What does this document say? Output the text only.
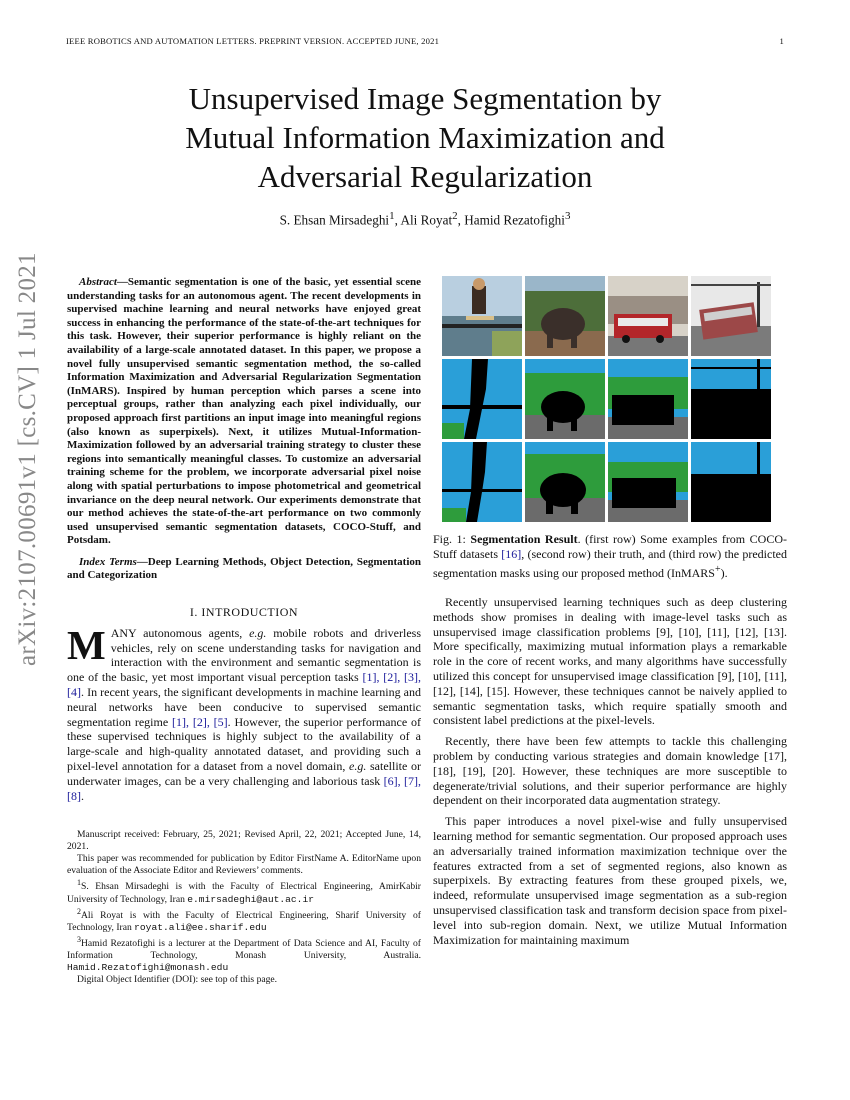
IEEE ROBOTICS AND AUTOMATION LETTERS. PREPRINT VERSION. ACCEPTED JUNE, 2021	1
arXiv:2107.00691v1 [cs.CV] 1 Jul 2021
Unsupervised Image Segmentation by
Mutual Information Maximization and
Adversarial Regularization
S. Ehsan Mirsadeghi$^1$, Ali Royat$^2$, Hamid Rezatofighi$^3$
Abstract—Semantic segmentation is one of the basic, yet essential scene understanding tasks for an autonomous agent. The recent developments in supervised machine learning and neural networks have enjoyed great success in enhancing the performance of the state-of-the-art techniques for this task. However, their superior performance is highly reliant on the availability of a large-scale annotated dataset. In this paper, we propose a novel fully unsupervised semantic segmentation method, the so-called Information Maximization and Adversarial Regularization Segmentation (InMARS). Inspired by human perception which parses a scene into perceptual groups, rather than analyzing each pixel individually, our proposed approach first partitions an input image into meaningful regions (also known as superpixels). Next, it utilizes Mutual-Information-Maximization followed by an adversarial training strategy to cluster these regions into semantically meaningful classes. To customize an adversarial training scheme for the problem, we incorporate adversarial pixel noise along with spatial perturbations to impose photometrical and geometrical invariance on the deep neural network. Our experiments demonstrate that our method achieves the state-of-the-art performance on two commonly used unsupervised semantic segmentation datasets, COCO-Stuff, and Potsdam.
Index Terms—Deep Learning Methods, Object Detection, Segmentation and Categorization
I. INTRODUCTION

MANY autonomous agents, e.g. mobile robots and driverless vehicles, rely on scene understanding tasks for navigation and interaction with the environment and semantic segmentation is one of the basic, yet most important visual perception tasks [1], [2], [3], [4]. In recent years, the significant developments in machine learning and neural networks have been conducive to supervised semantic segmentation regime [1], [2], [5]. However, the superior performance of these supervised techniques is highly subject to the availability of a large-scale and high-quality annotated dataset, and providing such a pixel-level annotation for a dataset from a novel domain, e.g. satellite or underwater images, can be a very challenging and laborious task [6], [7], [8].

Manuscript received: February, 25, 2021; Revised April, 22, 2021; Accepted June, 14, 2021.

This paper was recommended for publication by Editor FirstName A. EditorName upon evaluation of the Associate Editor and Reviewers’ comments.

$^1$S. Ehsan Mirsadeghi is with the Faculty of Electrical Engineering, AmirKabir University of Technology, Iran e.mirsadeghi@aut.ac.ir

$^2$Ali Royat is with the Faculty of Electrical Engineering, Sharif University of Technology, Iran royat.ali@ee.sharif.edu

$^3$Hamid Rezatofighi is a lecturer at the Department of Data Science and AI, Faculty of Information Technology, Monash University, Australia. Hamid.Rezatofighi@monash.edu

Digital Object Identifier (DOI): see top of this page.

Fig. 1: Segmentation Result. (first row) Some examples from COCO-Stuff datasets [16], (second row) their truth, and (third row) the predicted segmentation masks using our proposed method (InMARS+).

Recently unsupervised learning techniques such as deep clustering methods show promises in dealing with image-level tasks such as unsupervised image classification problems [9], [10], [11], [12], [13]. More specifically, maximizing mutual information plays a remarkable role in the core of recent works, and many algorithms have successfully utilized this concept for unsupervised image classification [9], [10], [11], [12], [14], [15]. However, these techniques cannot be naively applied to semantic segmentation tasks, which require spatially smooth and consistent label predictions at the pixel-levels.

Recently, there have been few attempts to tackle this challenging problem by conducting various strategies and domain knowledge [17], [18], [19], [20]. However, these techniques are more susceptible to degenerate/trivial solutions, and their superior performance are highly dependent on their incorporated data augmentation strategy.

This paper introduces a novel pixel-wise and fully unsupervised learning method for semantic segmentation. Our proposed approach uses an adversarially trained information maximization technique over the features extracted from a set of segmented regions, also known as superpixels. By extracting features from these grouped pixels, we, indeed, reformulate unsupervised image segmentation as a sub-region unsupervised classification task and transform decision space from pixel-level into sub-region domain. Next, we utilize Mutual Information Maximization for maintaining maximum
